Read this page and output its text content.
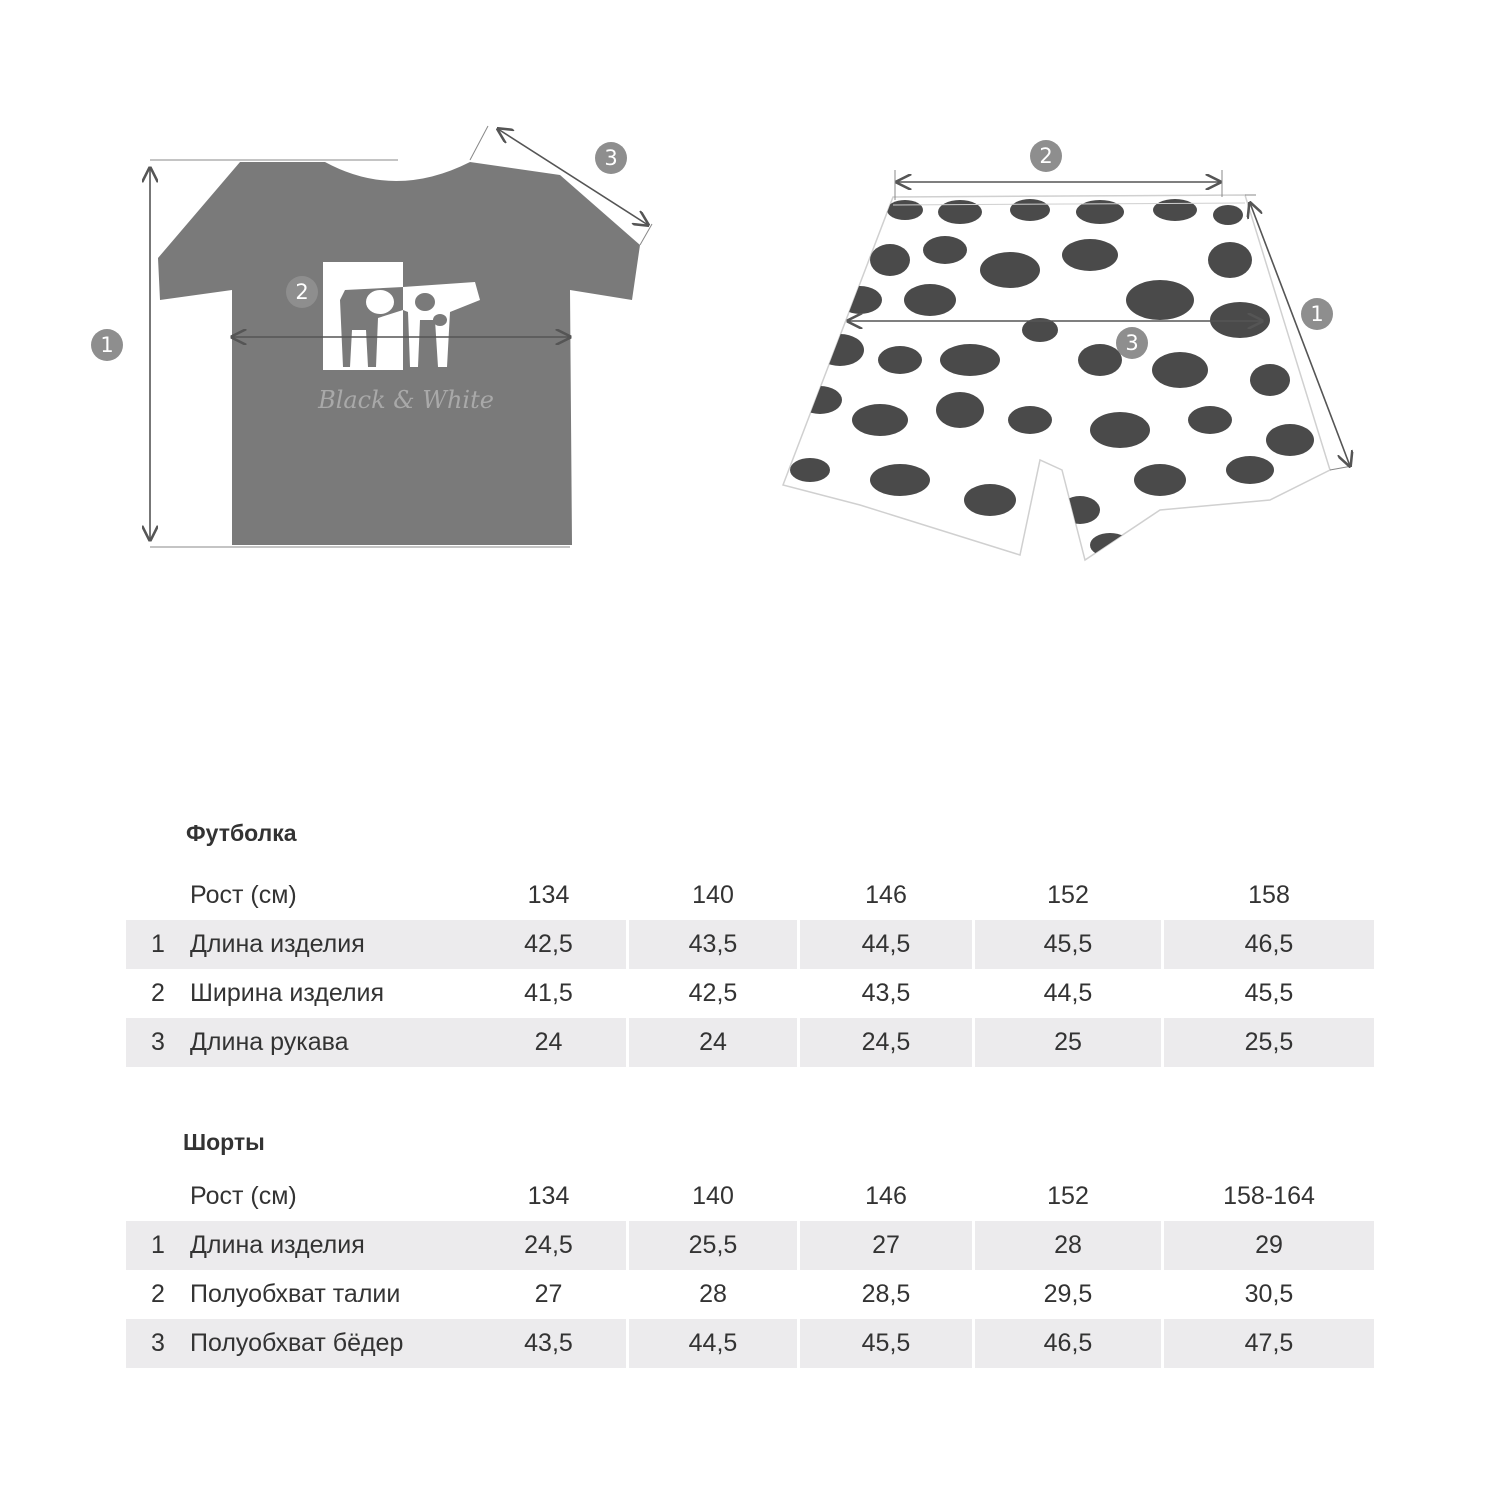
Black & White
1
2
3	2
1
3
Футболка
Рост (см)	134	140	146	152	158
1 Длина изделия	42,5	43,5	44,5	45,5	46,5
2 Ширина изделия	41,5	42,5	43,5	44,5	45,5
3 Длина рукава	24	24	24,5	25	25,5
Шорты
Рост (см)	134	140	146	152	158-164
1 Длина изделия	24,5	25,5	27	28	29
2 Полуобхват талии	27	28	28,5	29,5	30,5
3 Полуобхват бёдер	43,5	44,5	45,5	46,5	47,5
